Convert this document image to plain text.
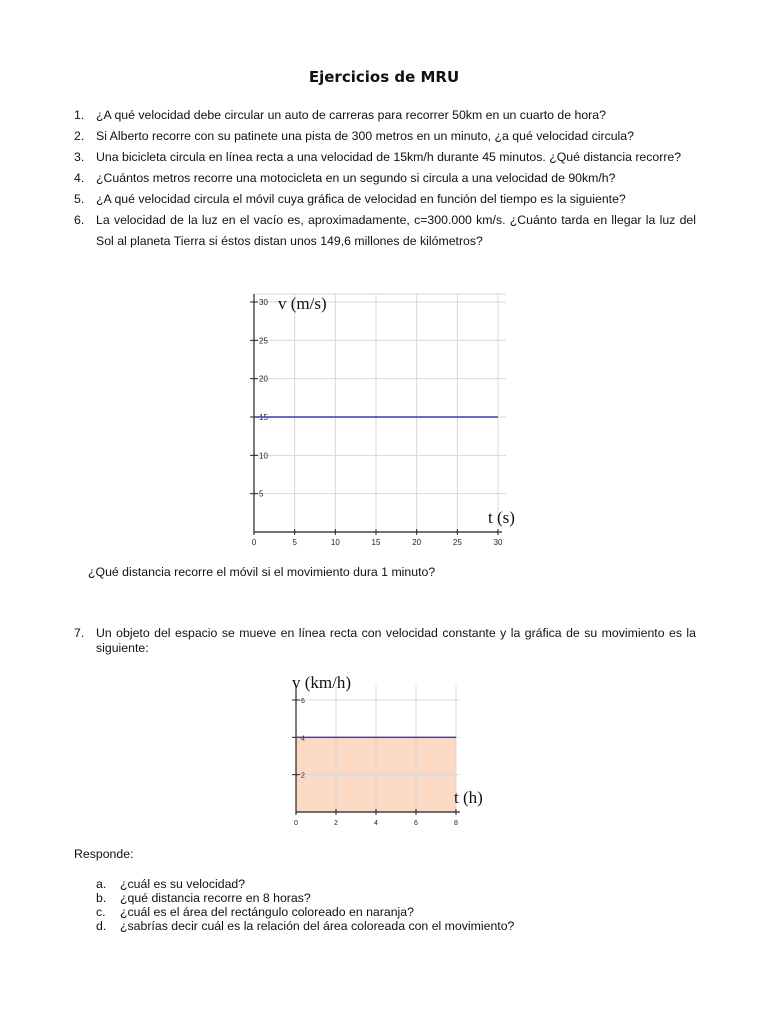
Ejercicios de MRU
1. ¿A qué velocidad debe circular un auto de carreras para recorrer 50km en un cuarto de hora?
2. Si Alberto recorre con su patinete una pista de 300 metros en un minuto, ¿a qué velocidad circula?
3. Una bicicleta circula en línea recta a una velocidad de 15km/h durante 45 minutos. ¿Qué distancia recorre?
4. ¿Cuántos metros recorre una motocicleta en un segundo si circula a una velocidad de 90km/h?
5. ¿A qué velocidad circula el móvil cuya gráfica de velocidad en función del tiempo es la siguiente?
6. La velocidad de la luz en el vacío es, aproximadamente, c=300.000 km/s. ¿Cuánto tarda en llegar la luz del Sol al planeta Tierra si éstos distan unos 149,6 millones de kilómetros?
0	5	10	15	20	25	30
5
10
15
20
25
30 v (m/s)
t (s)
¿Qué distancia recorre el móvil si el movimiento dura 1 minuto?
7. Un objeto del espacio se mueve en línea recta con velocidad constante y la gráfica de su movimiento es la siguiente:
0	2	4	6	8
2
4
6
v (km/h)
t (h)
Responde:
a. ¿cuál es su velocidad?
b. ¿qué distancia recorre en 8 horas?
c. ¿cuál es el área del rectángulo coloreado en naranja?
d. ¿sabrías decir cuál es la relación del área coloreada con el movimiento?
